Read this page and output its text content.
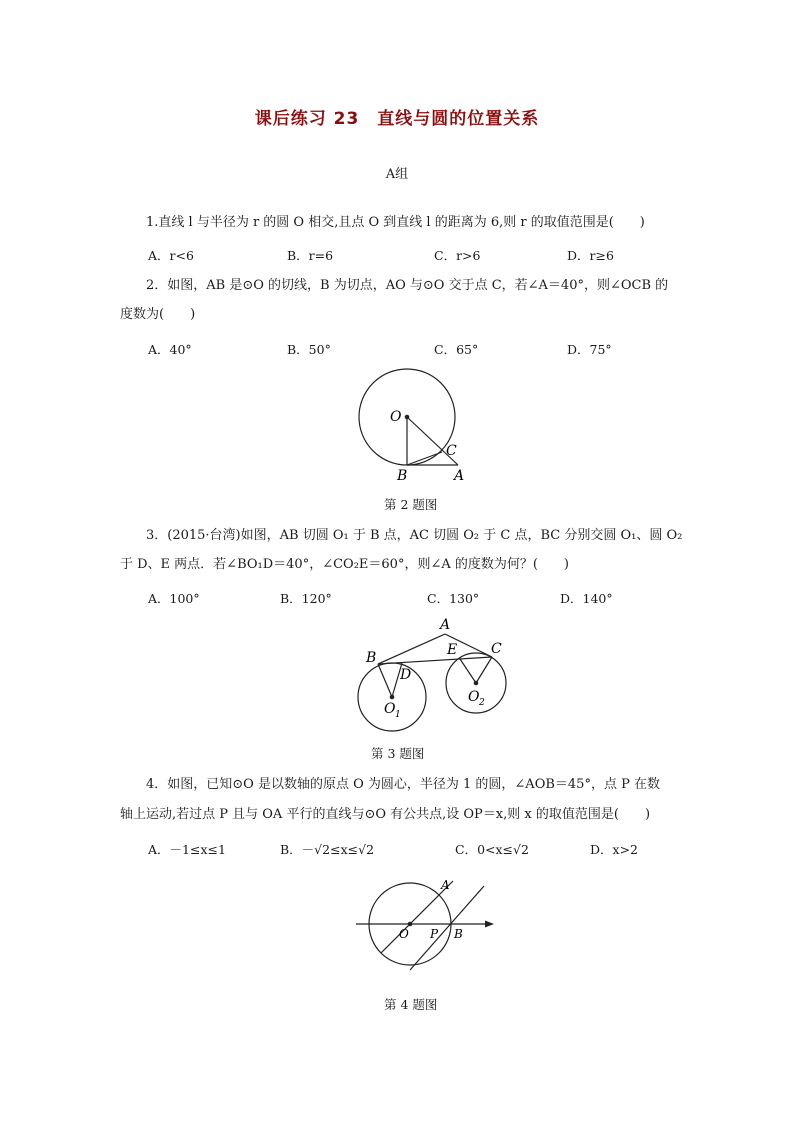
课后练习 23　直线与圆的位置关系
A组
1.直线 l 与半径为 r 的圆 O 相交,且点 O 到直线 l 的距离为 6,则 r 的取值范围是(　　)
A．r<6	B．r=6	C．r>6	D．r≥6
2．如图，AB 是⊙O 的切线，B 为切点，AO 与⊙O 交于点 C，若∠A＝40°，则∠OCB 的
度数为(　　)
A．40°	B．50°	C．65°	D．75°
O
B	A
C
第 2 题图
3．(2015·台湾)如图，AB 切圆 O₁ 于 B 点，AC 切圆 O₂ 于 C 点，BC 分别交圆 O₁、圆 O₂
于 D、E 两点．若∠BO₁D＝40°，∠CO₂E＝60°，则∠A 的度数为何？(　　)
A．100°	B．120°	C．130°	D．140°
A
B
C
D
E
O 1
O 2
第 3 题图
4．如图，已知⊙O 是以数轴的原点 O 为圆心，半径为 1 的圆，∠AOB＝45°，点 P 在数
轴上运动,若过点 P 且与 OA 平行的直线与⊙O 有公共点,设 OP＝x,则 x 的取值范围是(　　)
A．－1≤x≤1	B．－√2≤x≤√2	C．0<x≤√2	D．x>2
O P B
A
第 4 题图
